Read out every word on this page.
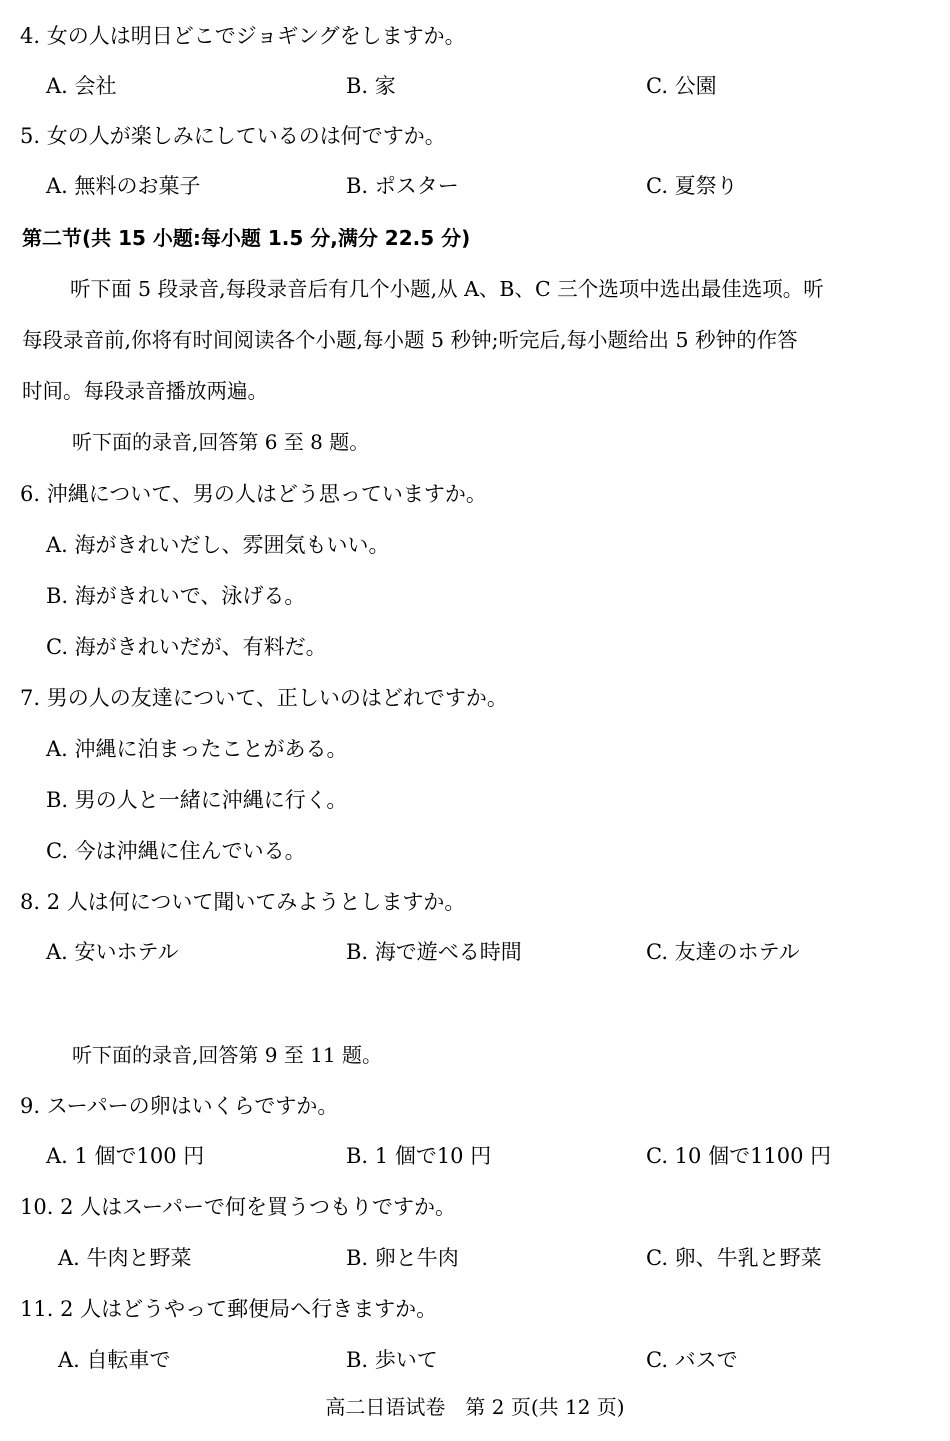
4. 女の人は明日どこでジョギングをしますか。
A. 会社	B. 家	C. 公園
5. 女の人が楽しみにしているのは何ですか。
A. 無料のお菓子	B. ポスター	C. 夏祭り
第二节(共 15 小题:每小题 1.5 分,满分 22.5 分)
听下面 5 段录音,每段录音后有几个小题,从 A、B、C 三个选项中选出最佳选项。听
每段录音前,你将有时间阅读各个小题,每小题 5 秒钟;听完后,每小题给出 5 秒钟的作答
时间。每段录音播放两遍。
听下面的录音,回答第 6 至 8 题。
6. 沖縄について、男の人はどう思っていますか。
A. 海がきれいだし、雰囲気もいい。
B. 海がきれいで、泳げる。
C. 海がきれいだが、有料だ。
7. 男の人の友達について、正しいのはどれですか。
A. 沖縄に泊まったことがある。
B. 男の人と一緒に沖縄に行く。
C. 今は沖縄に住んでいる。
8. 2 人は何について聞いてみようとしますか。
A. 安いホテル	B. 海で遊べる時間	C. 友達のホテル
听下面的录音,回答第 9 至 11 题。
9. スーパーの卵はいくらですか。
A. 1 個で100 円	B. 1 個で10 円	C. 10 個で1100 円
10. 2 人はスーパーで何を買うつもりですか。
A. 牛肉と野菜	B. 卵と牛肉	C. 卵、牛乳と野菜
11. 2 人はどうやって郵便局へ行きますか。
A. 自転車で	B. 歩いて	C. バスで
高二日语试卷　第 2 页(共 12 页)
